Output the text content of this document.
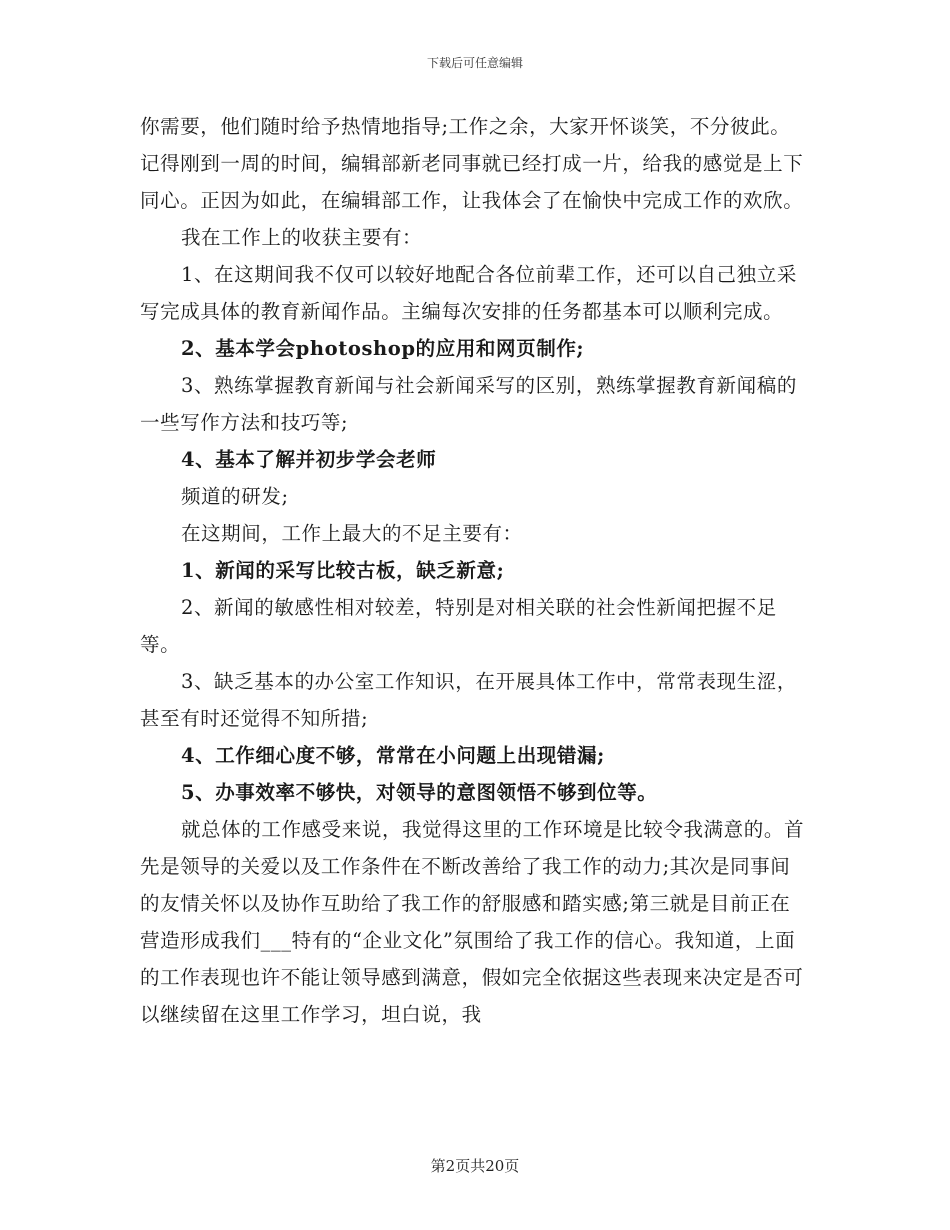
下载后可任意编辑

你需要，他们随时给予热情地指导;工作之余，大家开怀谈笑，不分彼此。记得刚到一周的时间，编辑部新老同事就已经打成一片，给我的感觉是上下同心。正因为如此，在编辑部工作，让我体会了在愉快中完成工作的欢欣。

我在工作上的收获主要有：

1、在这期间我不仅可以较好地配合各位前辈工作，还可以自己独立采写完成具体的教育新闻作品。主编每次安排的任务都基本可以顺利完成。

2、基本学会photoshop的应用和网页制作;

3、熟练掌握教育新闻与社会新闻采写的区别，熟练掌握教育新闻稿的一些写作方法和技巧等;

4、基本了解并初步学会老师

频道的研发;

在这期间，工作上最大的不足主要有：

1、新闻的采写比较古板，缺乏新意;

2、新闻的敏感性相对较差，特别是对相关联的社会性新闻把握不足等。

3、缺乏基本的办公室工作知识，在开展具体工作中，常常表现生涩，甚至有时还觉得不知所措;

4、工作细心度不够，常常在小问题上出现错漏;

5、办事效率不够快，对领导的意图领悟不够到位等。

就总体的工作感受来说，我觉得这里的工作环境是比较令我满意的。首先是领导的关爱以及工作条件在不断改善给了我工作的动力;其次是同事间的友情关怀以及协作互助给了我工作的舒服感和踏实感;第三就是目前正在营造形成我们___特有的“企业文化”氛围给了我工作的信心。我知道，上面的工作表现也许不能让领导感到满意，假如完全依据这些表现来决定是否可以继续留在这里工作学习，坦白说，我

第2页共20页
